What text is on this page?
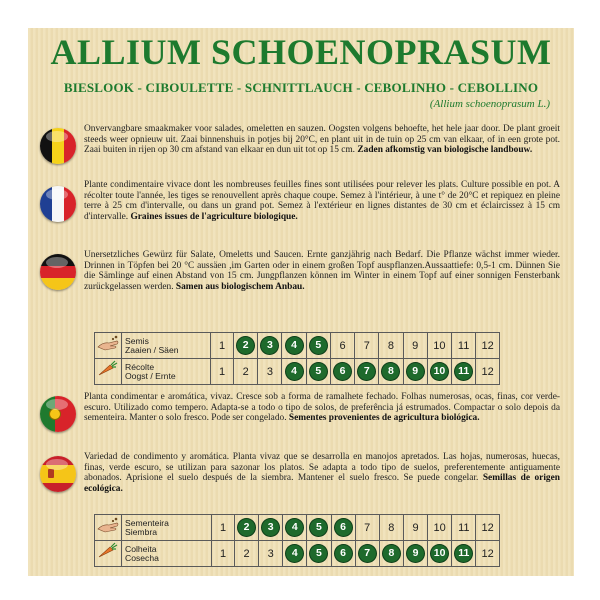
ALLIUM SCHOENOPRASUM
BIESLOOK - CIBOULETTE - SCHNITTLAUCH - CEBOLINHO - CEBOLLINO
(Allium schoenoprasum L.)

Onvervangbare smaakmaker voor salades, omeletten en sauzen. Oogsten volgens behoefte, het hele jaar door. De plant groeit steeds weer opnieuw uit. Zaai binnenshuis in potjes bij 20°C, en plant uit in de tuin op 25 cm van elkaar, of in een grote pot. Zaai buiten in rijen op 30 cm afstand van elkaar en dun uit tot op 15 cm. Zaden afkomstig van biologische landbouw.

Plante condimentaire vivace dont les nombreuses feuilles fines sont utilisées pour relever les plats. Culture possible en pot. A récolter toute l'année, les tiges se renouvellent après chaque coupe. Semez à l'intérieur, à une t° de 20°C et repiquez en pleine terre à 25 cm d'intervalle, ou dans un grand pot. Semez à l'extérieur en lignes distantes de 30 cm et éclaircissez à 15 cm d'intervalle. Graines issues de l'agriculture biologique.

Unersetzliches Gewürz für Salate, Omeletts und Saucen. Ernte ganzjährig nach Bedarf. Die Pflanze wächst immer wieder. Drinnen in Töpfen bei 20 °C aussäen ,im Garten oder in einem großen Topf auspflanzen.Aussaattiefe: 0,5-1 cm. Dünnen Sie die Sämlinge auf einen Abstand von 15 cm. Jungpflanzen können im Winter in einem Topf auf einer sonnigen Fensterbank zurückgelassen werden. Samen aus biologischem Anbau.

Semis
Zaaien / Säen	1	2	3	4	5	6	7	8	9	10	11	12

Récolte
Oogst / Ernte	1	2	3	4	5	6	7	8	9	10	11	12

Planta condimentar e aromática, vivaz. Cresce sob a forma de ramalhete fechado. Folhas numerosas, ocas, finas, cor verde-escuro. Utilizado como tempero. Adapta-se a todo o tipo de solos, de preferência já estrumados. Compactar o solo depois da sementeira. Manter o solo fresco. Pode ser congelado. Sementes provenientes de agricultura biológica.

Variedad de condimento y aromática. Planta vivaz que se desarrolla en manojos apretados. Las hojas, numerosas, huecas, finas, verde escuro, se utilizan para sazonar los platos. Se adapta a todo tipo de suelos, preferentemente antiguamente abonados. Aprisione el suelo después de la siembra. Mantener el suelo fresco. Se puede congelar. Semillas de origen ecológica.

Sementeira
Siembra	1	2	3	4	5	6	7	8	9	10	11	12

Colheita
Cosecha	1	2	3	4	5	6	7	8	9	10	11	12
